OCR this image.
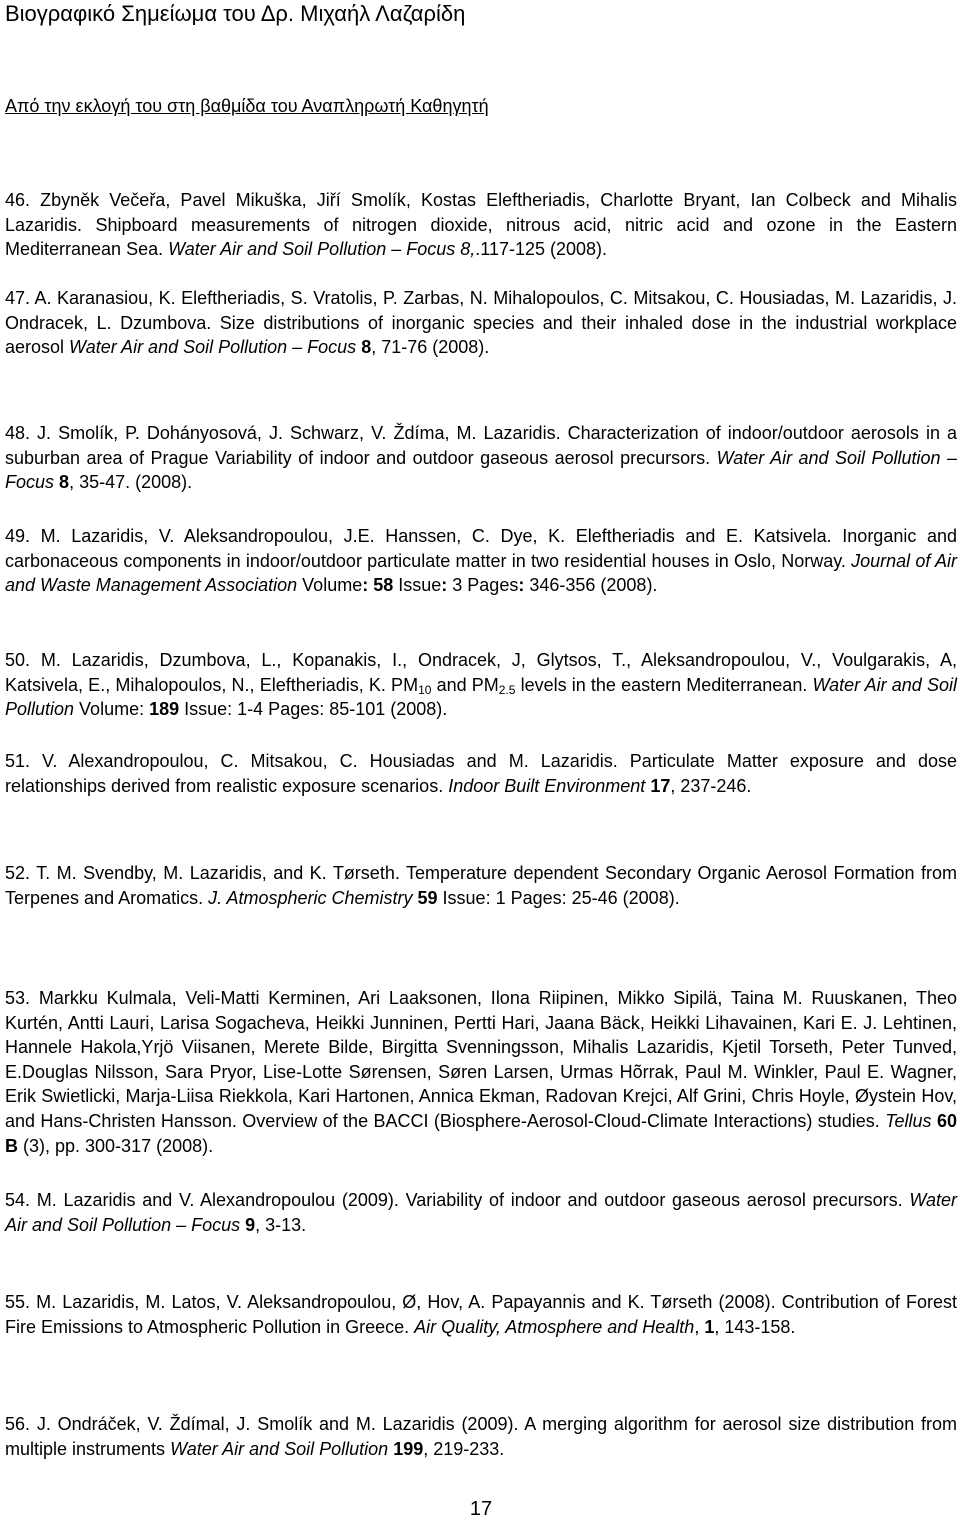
Βιογραφικό Σημείωμα του Δρ. Μιχαήλ Λαζαρίδη
Από την εκλογή του στη βαθμίδα του Αναπληρωτή Καθηγητή

46. Zbyněk Večeřa, Pavel Mikuška, Jiří Smolík, Kostas Eleftheriadis, Charlotte Bryant, Ian Colbeck and Mihalis Lazaridis. Shipboard measurements of nitrogen dioxide, nitrous acid, nitric acid and ozone in the Eastern Mediterranean Sea. Water Air and Soil Pollution – Focus 8,.117-125 (2008).

47. A. Karanasiou, K. Eleftheriadis, S. Vratolis, P. Zarbas, N. Mihalopoulos, C. Mitsakou, C. Housiadas, M. Lazaridis, J. Ondracek, L. Dzumbova. Size distributions of inorganic species and their inhaled dose in the industrial workplace aerosol Water Air and Soil Pollution – Focus 8, 71-76 (2008).

48. J. Smolík, P. Dohányosová, J. Schwarz, V. Ždíma, M. Lazaridis. Characterization of indoor/outdoor aerosols in a suburban area of Prague Variability of indoor and outdoor gaseous aerosol precursors. Water Air and Soil Pollution – Focus 8, 35-47. (2008).

49. M. Lazaridis, V. Aleksandropoulou, J.E. Hanssen, C. Dye, K. Eleftheriadis and E. Katsivela. Inorganic and carbonaceous components in indoor/outdoor particulate matter in two residential houses in Oslo, Norway. Journal of Air and Waste Management Association Volume: 58 Issue: 3 Pages: 346-356 (2008).

50. M. Lazaridis, Dzumbova, L., Kopanakis, I., Ondracek, J, Glytsos, T., Aleksandropoulou, V., Voulgarakis, A, Katsivela, E., Mihalopoulos, N., Eleftheriadis, K. $PM_{10}$ and $PM_{2.5}$ levels in the eastern Mediterranean. Water Air and Soil Pollution Volume: 189 Issue: 1-4 Pages: 85-101 (2008).

51. V. Alexandropoulou, C. Mitsakou, C. Housiadas and M. Lazaridis. Particulate Matter exposure and dose relationships derived from realistic exposure scenarios. Indoor Built Environment 17, 237-246.

52. T. M. Svendby, M. Lazaridis, and K. Tørseth. Temperature dependent Secondary Organic Aerosol Formation from Terpenes and Aromatics. J. Atmospheric Chemistry 59 Issue: 1 Pages: 25-46 (2008).

53. Markku Kulmala, Veli-Matti Kerminen, Ari Laaksonen, Ilona Riipinen, Mikko Sipilä, Taina M. Ruuskanen, Theo Kurtén, Antti Lauri, Larisa Sogacheva, Heikki Junninen, Pertti Hari, Jaana Bäck, Heikki Lihavainen, Kari E. J. Lehtinen, Hannele Hakola,Yrjö Viisanen, Merete Bilde, Birgitta Svenningsson, Mihalis Lazaridis, Kjetil Torseth, Peter Tunved, E.Douglas Nilsson, Sara Pryor, Lise-Lotte Sørensen, Søren Larsen, Urmas Hõrrak, Paul M. Winkler, Paul E. Wagner, Erik Swietlicki, Marja-Liisa Riekkola, Kari Hartonen, Annica Ekman, Radovan Krejci, Alf Grini, Chris Hoyle, Øystein Hov, and Hans-Christen Hansson. Overview of the BACCI (Biosphere-Aerosol-Cloud-Climate Interactions) studies. Tellus 60 B (3), pp. 300-317 (2008).

54. M. Lazaridis and V. Alexandropoulou (2009). Variability of indoor and outdoor gaseous aerosol precursors. Water Air and Soil Pollution – Focus 9, 3-13.

55. M. Lazaridis, M. Latos, V. Aleksandropoulou, Ø, Hov, A. Papayannis and K. Tørseth (2008). Contribution of Forest Fire Emissions to Atmospheric Pollution in Greece. Air Quality, Atmosphere and Health, 1, 143-158.

56. J. Ondráček, V. Ždímal, J. Smolík and M. Lazaridis (2009). A merging algorithm for aerosol size distribution from multiple instruments Water Air and Soil Pollution 199, 219-233.

17
